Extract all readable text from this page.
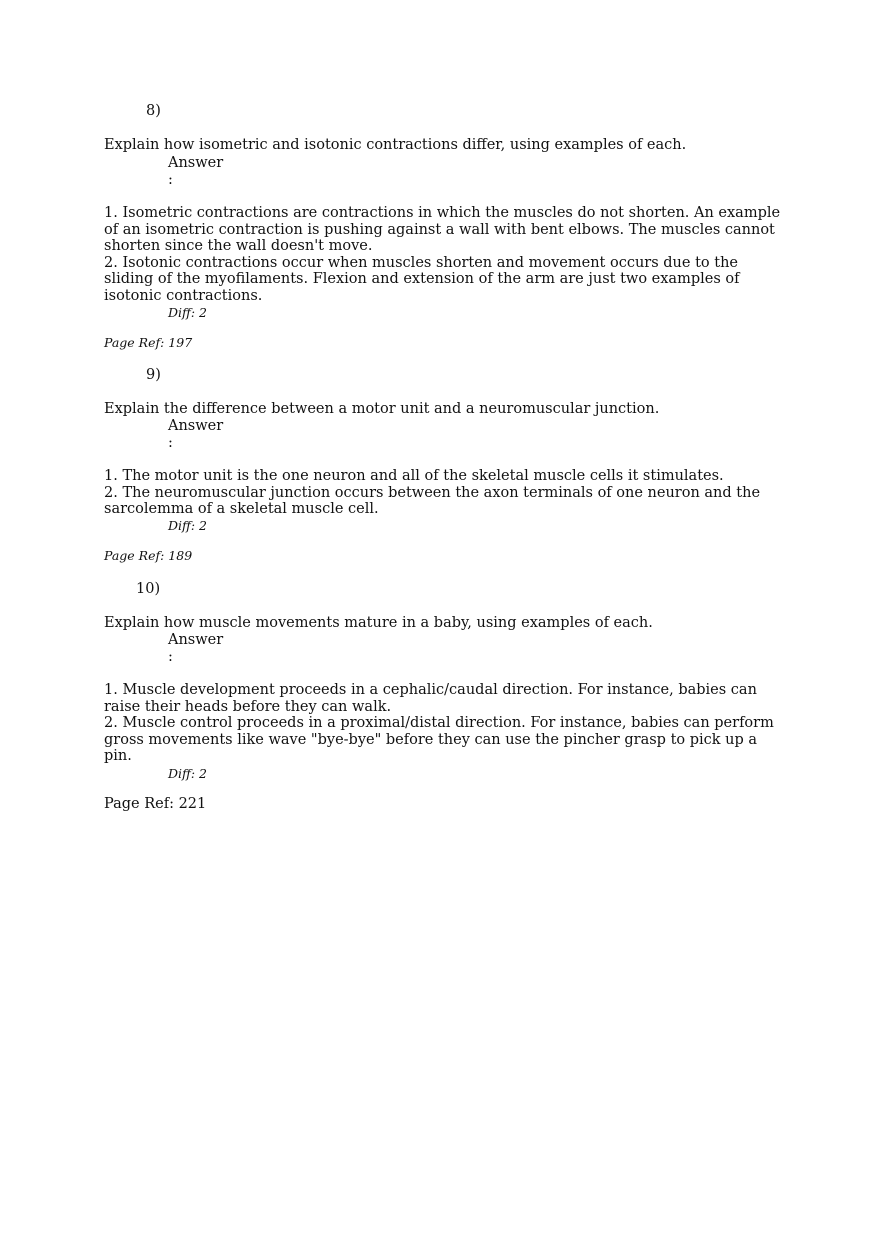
8)
Explain how isometric and isotonic contractions differ, using examples of each.
Answer
:

1. Isometric contractions are contractions in which the muscles do not shorten. An example of an isometric contraction is pushing against a wall with bent elbows. The muscles cannot shorten since the wall doesn't move.

2. Isotonic contractions occur when muscles shorten and movement occurs due to the sliding of the myofilaments. Flexion and extension of the arm are just two examples of isotonic contractions.

Diff: 2
Page Ref: 197
9)
Explain the difference between a motor unit and a neuromuscular junction.
Answer
:

1. The motor unit is the one neuron and all of the skeletal muscle cells it stimulates.

2. The neuromuscular junction occurs between the axon terminals of one neuron and the sarcolemma of a skeletal muscle cell.

Diff: 2
Page Ref: 189
10)
Explain how muscle movements mature in a baby, using examples of each.
Answer
:

1. Muscle development proceeds in a cephalic/caudal direction. For instance, babies can raise their heads before they can walk.

2. Muscle control proceeds in a proximal/distal direction. For instance, babies can perform gross movements like wave "bye-bye" before they can use the pincher grasp to pick up a pin.

Diff: 2
Page Ref: 221
